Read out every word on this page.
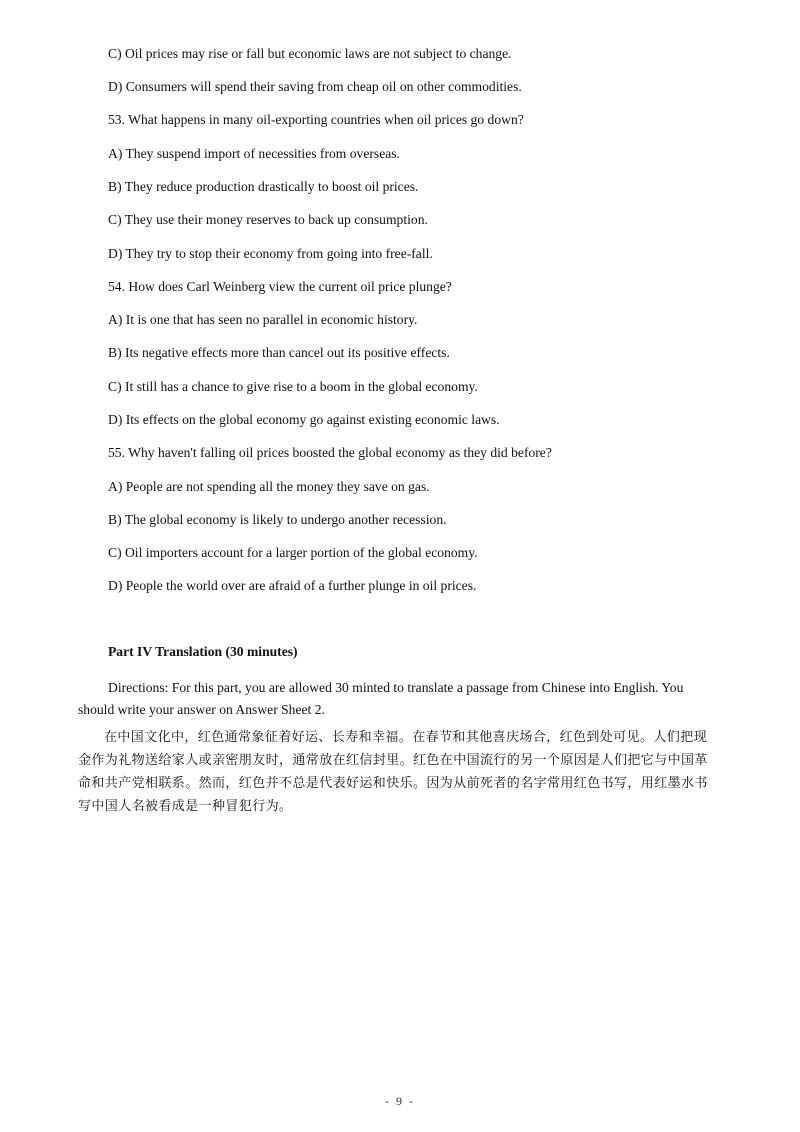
C) Oil prices may rise or fall but economic laws are not subject to change.
D) Consumers will spend their saving from cheap oil on other commodities.
53. What happens in many oil-exporting countries when oil prices go down?
A) They suspend import of necessities from overseas.
B) They reduce production drastically to boost oil prices.
C) They use their money reserves to back up consumption.
D) They try to stop their economy from going into free-fall.
54. How does Carl Weinberg view the current oil price plunge?
A) It is one that has seen no parallel in economic history.
B) Its negative effects more than cancel out its positive effects.
C) It still has a chance to give rise to a boom in the global economy.
D) Its effects on the global economy go against existing economic laws.
55. Why haven't falling oil prices boosted the global economy as they did before?
A) People are not spending all the money they save on gas.
B) The global economy is likely to undergo another recession.
C) Oil importers account for a larger portion of the global economy.
D) People the world over are afraid of a further plunge in oil prices.
Part IV Translation (30 minutes)
Directions: For this part, you are allowed 30 minted to translate a passage from Chinese into English. You should write your answer on Answer Sheet 2.
在中国文化中，红色通常象征着好运、长寿和幸福。在春节和其他喜庆场合，红色到处可见。人们把现金作为礼物送给家人或亲密朋友时，通常放在红信封里。红色在中国流行的另一个原因是人们把它与中国革命和共产党相联系。然而，红色并不总是代表好运和快乐。因为从前死者的名字常用红色书写，用红墨水书写中国人名被看成是一种冒犯行为。
- 9 -
